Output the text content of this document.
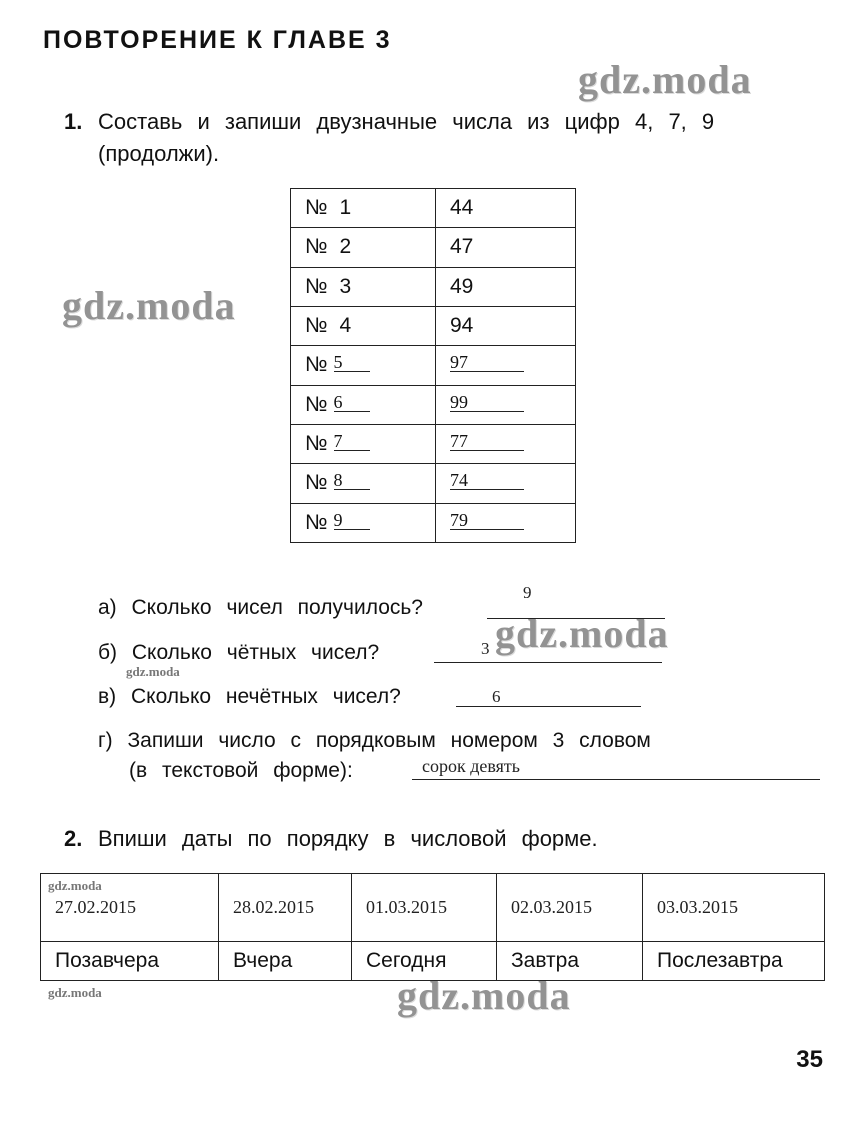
ПОВТОРЕНИЕ К ГЛАВЕ 3
gdz.moda
gdz.moda
gdz.moda
gdz.moda
gdz.moda
gdz.moda
gdz.moda
1. Составь и запиши двузначные числа из цифр 4, 7, 9
(продолжи).
№ 1	44
№ 2	47
№ 3	49
№ 4	94
№ 5	97
№ 6	99
№ 7	77
№ 8	74
№ 9	79
а) Сколько чисел получилось?
9
б) Сколько чётных чисел?	3
в) Сколько нечётных чисел?	6
г) Запиши число с порядковым номером 3 словом
(в текстовой форме):	сорок девять
2. Впиши даты по порядку в числовой форме.
27.02.2015	28.02.2015	01.03.2015	02.03.2015	03.03.2015
Позавчера	Вчера	Сегодня	Завтра	Послезавтра
35
